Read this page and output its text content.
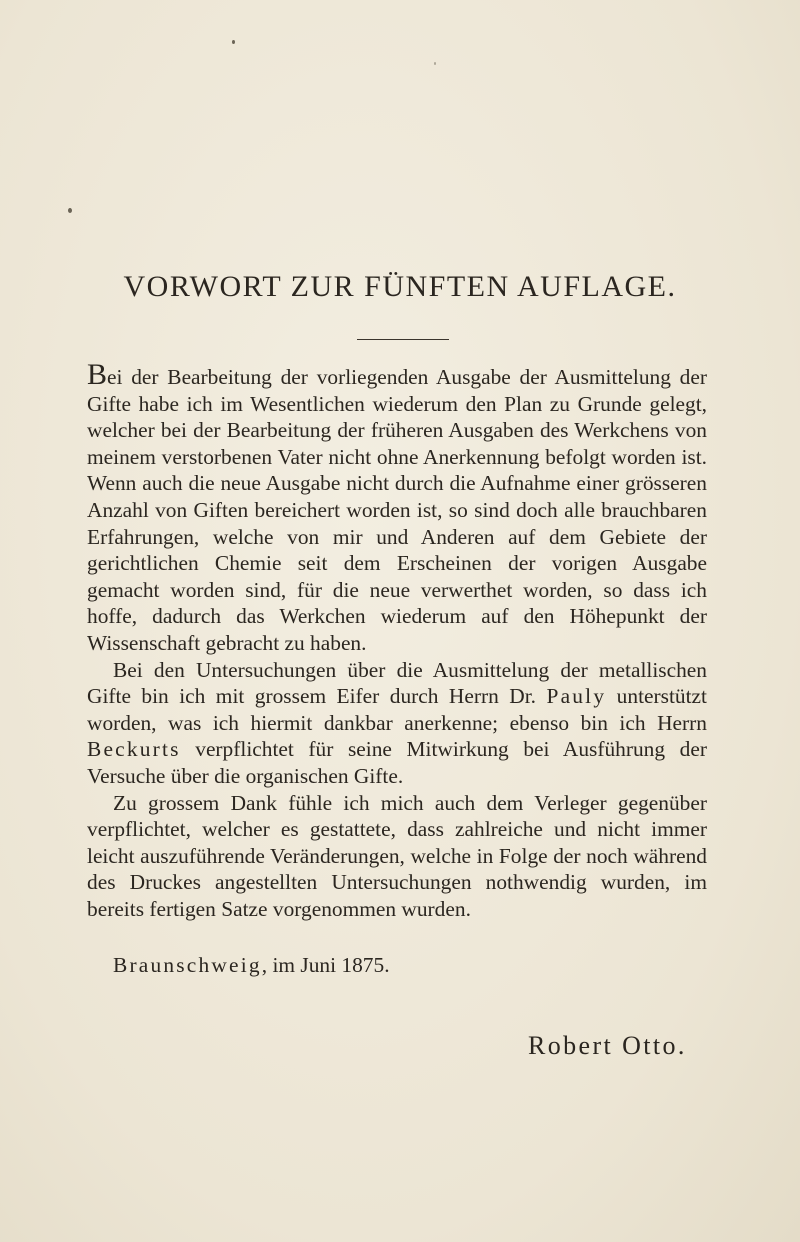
VORWORT ZUR FÜNFTEN AUFLAGE.

Bei der Bearbeitung der vorliegenden Ausgabe der Ausmittelung der Gifte habe ich im Wesentlichen wiederum den Plan zu Grunde gelegt, welcher bei der Bearbeitung der früheren Ausgaben des Werkchens von meinem verstorbenen Vater nicht ohne Anerkennung befolgt worden ist. Wenn auch die neue Ausgabe nicht durch die Aufnahme einer grösseren Anzahl von Giften bereichert worden ist, so sind doch alle brauchbaren Erfahrungen, welche von mir und Anderen auf dem Gebiete der gerichtlichen Chemie seit dem Erscheinen der vorigen Ausgabe gemacht worden sind, für die neue verwerthet worden, so dass ich hoffe, dadurch das Werkchen wiederum auf den Höhepunkt der Wissenschaft gebracht zu haben.

Bei den Untersuchungen über die Ausmittelung der metallischen Gifte bin ich mit grossem Eifer durch Herrn Dr. Pauly unterstützt worden, was ich hiermit dankbar anerkenne; ebenso bin ich Herrn Beckurts verpflichtet für seine Mitwirkung bei Ausführung der Versuche über die organischen Gifte.

Zu grossem Dank fühle ich mich auch dem Verleger gegenüber verpflichtet, welcher es gestattete, dass zahlreiche und nicht immer leicht auszuführende Veränderungen, welche in Folge der noch während des Druckes angestellten Untersuchungen nothwendig wurden, im bereits fertigen Satze vorgenommen wurden.

Braunschweig, im Juni 1875.
Robert Otto.
